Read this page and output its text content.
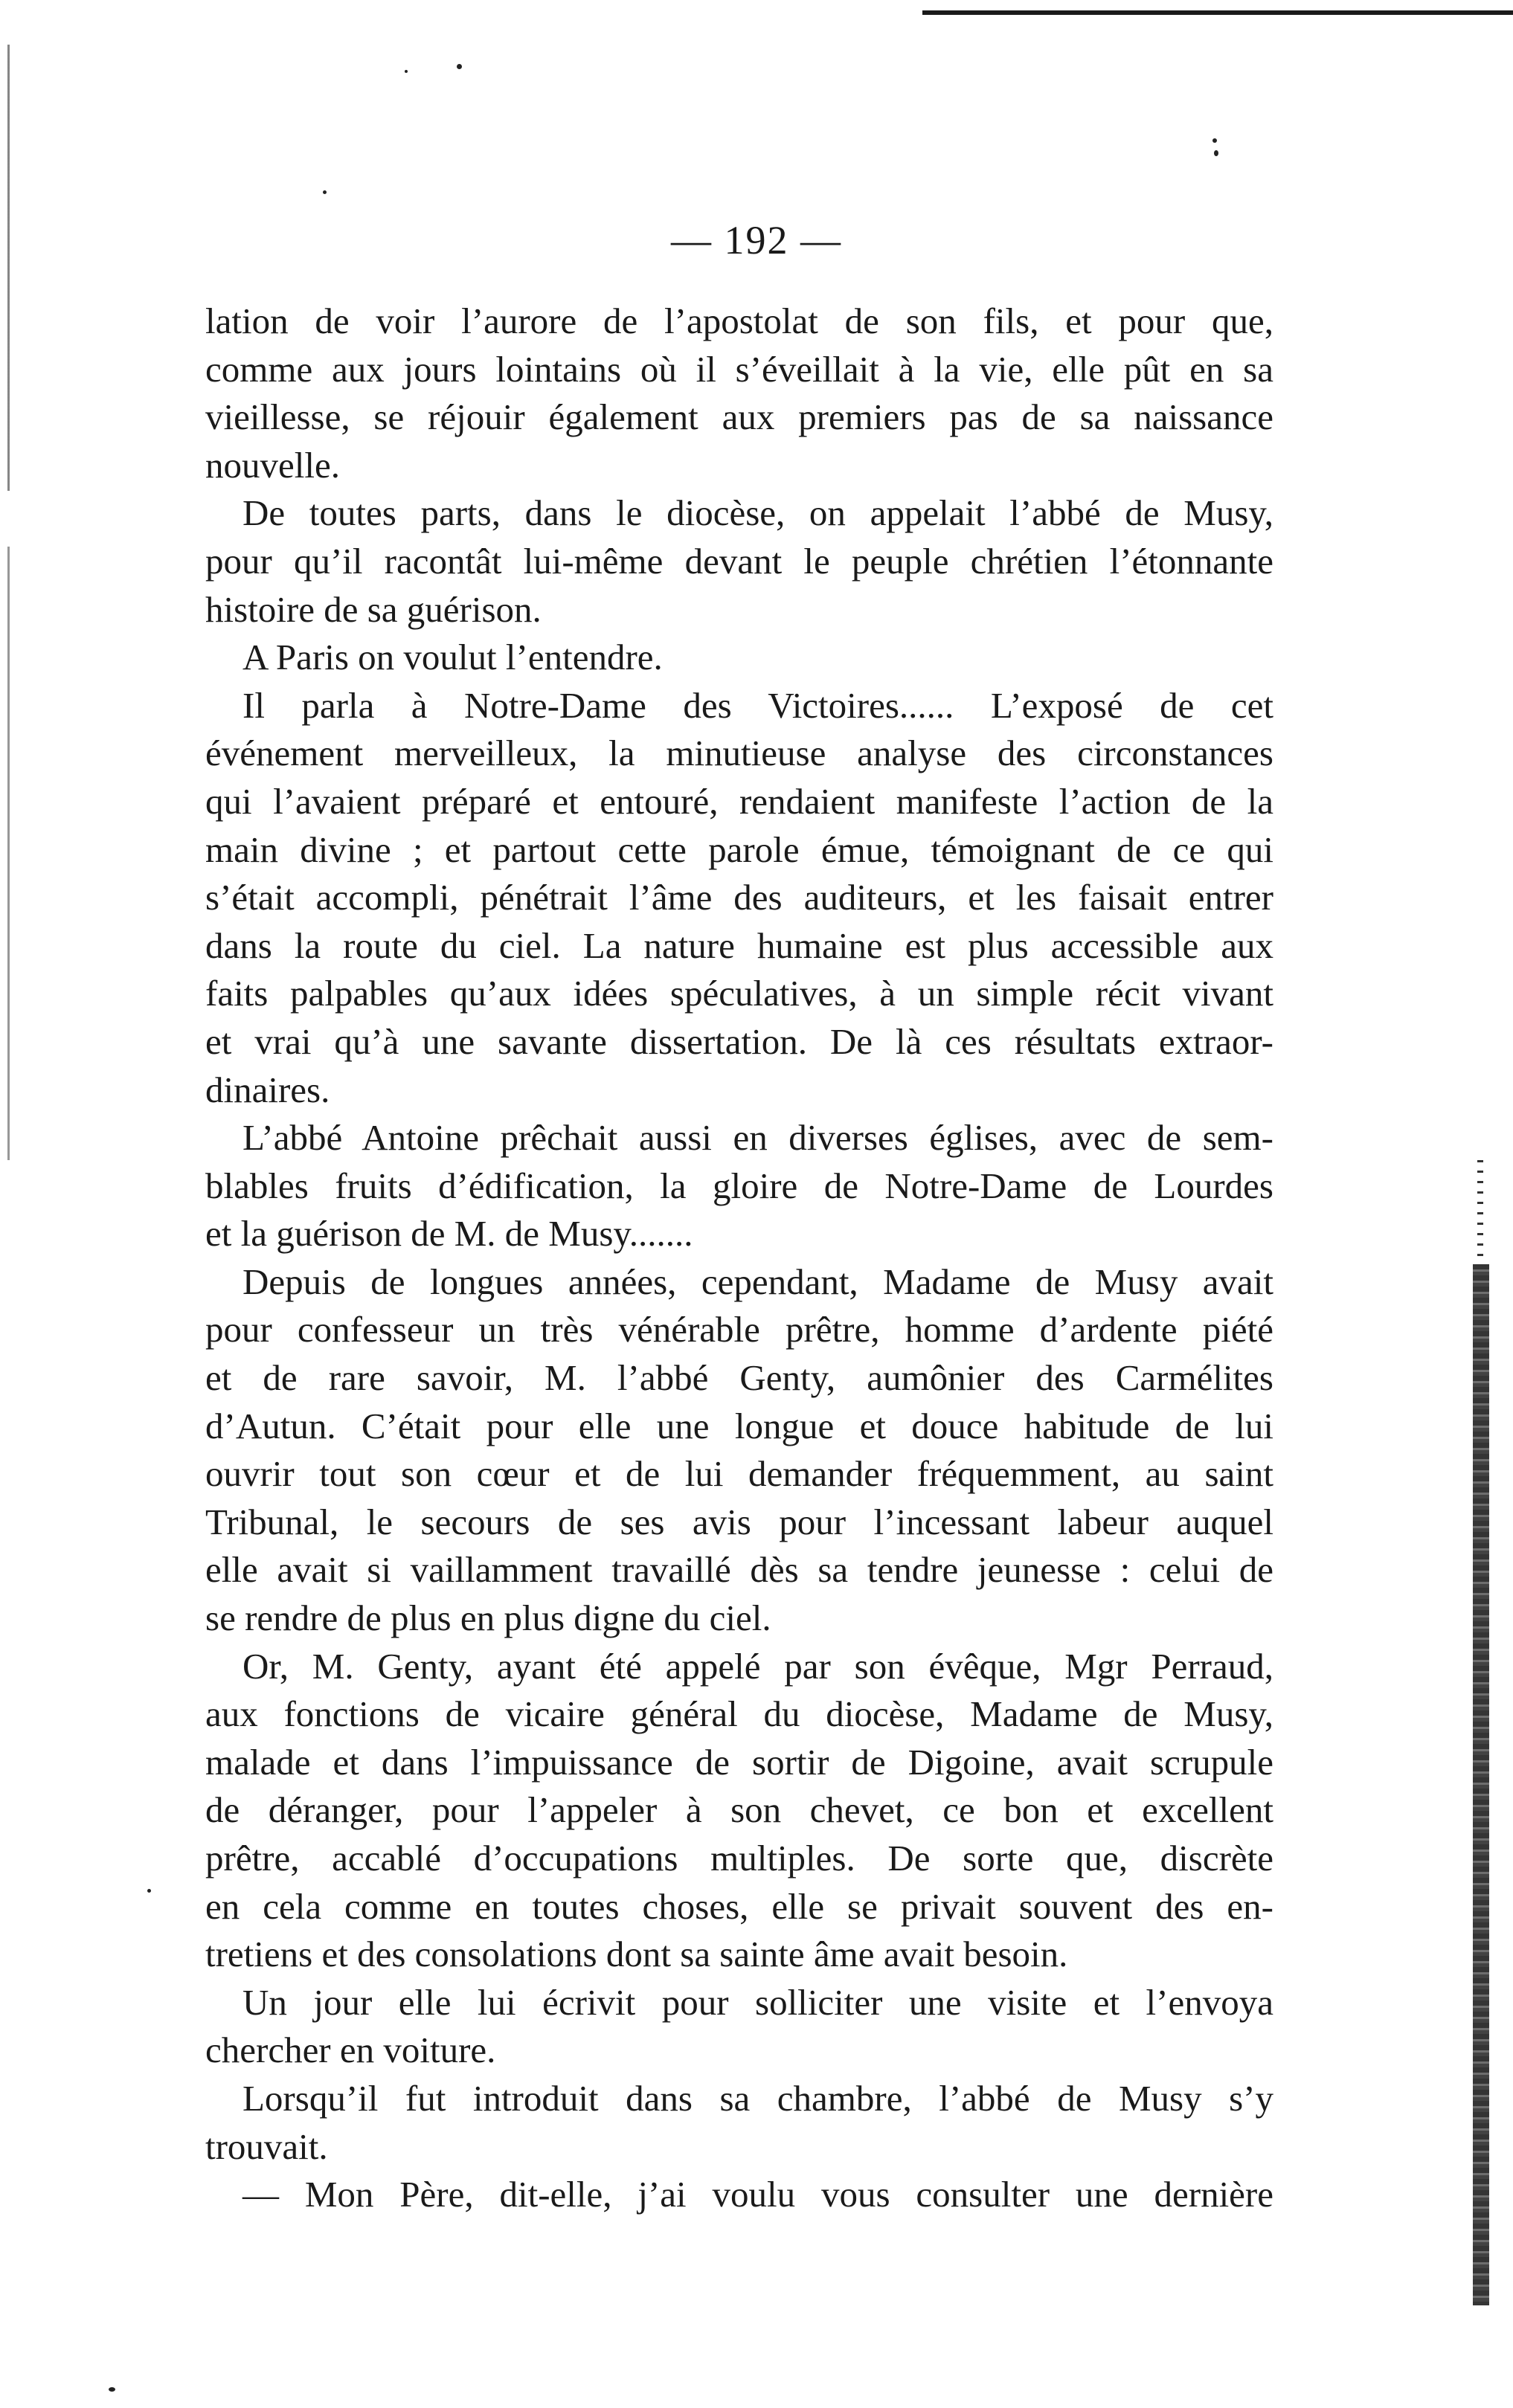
— 192 —
lation de voir l’aurore de l’apostolat de son fils, et pour que,
comme aux jours lointains où il s’éveillait à la vie, elle pût en sa
vieillesse, se réjouir également aux premiers pas de sa naissance
nouvelle.
De toutes parts, dans le diocèse, on appelait l’abbé de Musy,
pour qu’il racontât lui-même devant le peuple chrétien l’étonnante
histoire de sa guérison.
A Paris on voulut l’entendre.
Il parla à Notre-Dame des Victoires...... L’exposé de cet
événement merveilleux, la minutieuse analyse des circonstances
qui l’avaient préparé et entouré, rendaient manifeste l’action de la
main divine ; et partout cette parole émue, témoignant de ce qui
s’était accompli, pénétrait l’âme des auditeurs, et les faisait entrer
dans la route du ciel. La nature humaine est plus accessible aux
faits palpables qu’aux idées spéculatives, à un simple récit vivant
et vrai qu’à une savante dissertation. De là ces résultats extraor-
dinaires.
L’abbé Antoine prêchait aussi en diverses églises, avec de sem-
blables fruits d’édification, la gloire de Notre-Dame de Lourdes
et la guérison de M. de Musy.......
Depuis de longues années, cependant, Madame de Musy avait
pour confesseur un très vénérable prêtre, homme d’ardente piété
et de rare savoir, M. l’abbé Genty, aumônier des Carmélites
d’Autun. C’était pour elle une longue et douce habitude de lui
ouvrir tout son cœur et de lui demander fréquemment, au saint
Tribunal, le secours de ses avis pour l’incessant labeur auquel
elle avait si vaillamment travaillé dès sa tendre jeunesse : celui de
se rendre de plus en plus digne du ciel.
Or, M. Genty, ayant été appelé par son évêque, Mgr Perraud,
aux fonctions de vicaire général du diocèse, Madame de Musy,
malade et dans l’impuissance de sortir de Digoine, avait scrupule
de déranger, pour l’appeler à son chevet, ce bon et excellent
prêtre, accablé d’occupations multiples. De sorte que, discrète
en cela comme en toutes choses, elle se privait souvent des en-
tretiens et des consolations dont sa sainte âme avait besoin.
Un jour elle lui écrivit pour solliciter une visite et l’envoya
chercher en voiture.
Lorsqu’il fut introduit dans sa chambre, l’abbé de Musy s’y
trouvait.
— Mon Père, dit-elle, j’ai voulu vous consulter une dernière
